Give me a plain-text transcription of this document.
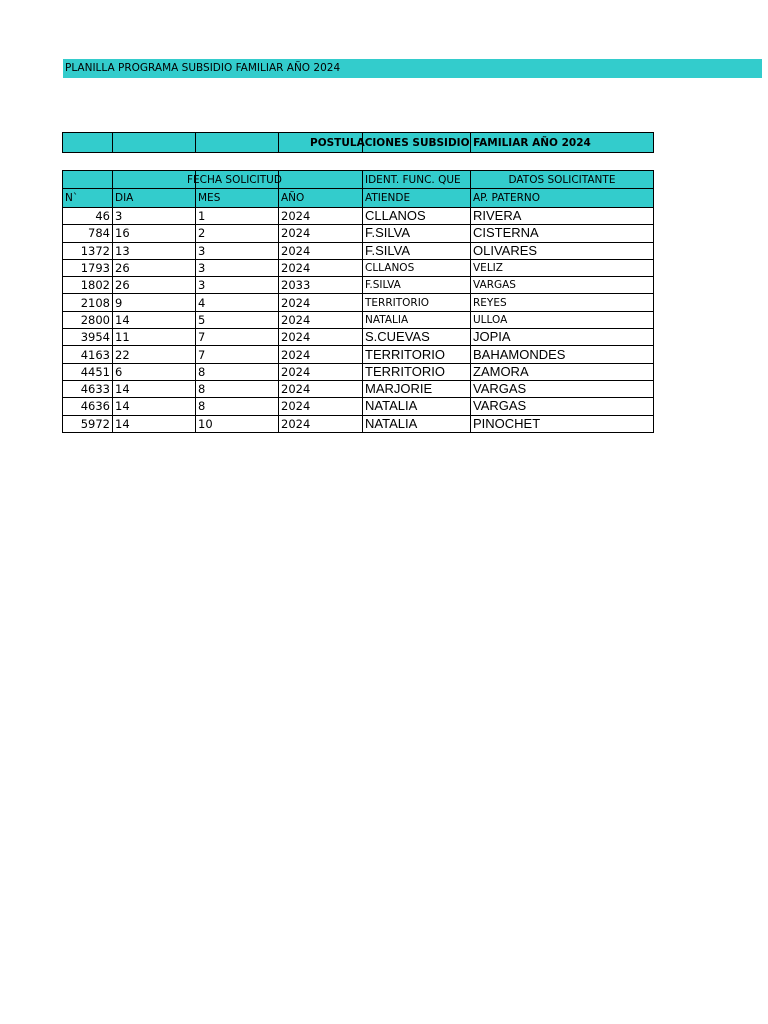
PLANILLA PROGRAMA SUBSIDIO FAMILIAR AÑO 2024

POSTULACIONES SUBSIDIO FAMILIAR AÑO 2024

	FECHA SOLICITUD			IDENT. FUNC. QUE	DATOS SOLICITANTE
N`	DIA	MES	AÑO	ATIENDE	AP. PATERNO
46	3	1	2024	CLLANOS	RIVERA
784	16	2	2024	F.SILVA	CISTERNA
1372	13	3	2024	F.SILVA	OLIVARES
1793	26	3	2024	CLLANOS	VELIZ
1802	26	3	2033	F.SILVA	VARGAS
2108	9	4	2024	TERRITORIO	REYES
2800	14	5	2024	NATALIA	ULLOA
3954	11	7	2024	S.CUEVAS	JOPIA
4163	22	7	2024	TERRITORIO	BAHAMONDES
4451	6	8	2024	TERRITORIO	ZAMORA
4633	14	8	2024	MARJORIE	VARGAS
4636	14	8	2024	NATALIA	VARGAS
5972	14	10	2024	NATALIA	PINOCHET
